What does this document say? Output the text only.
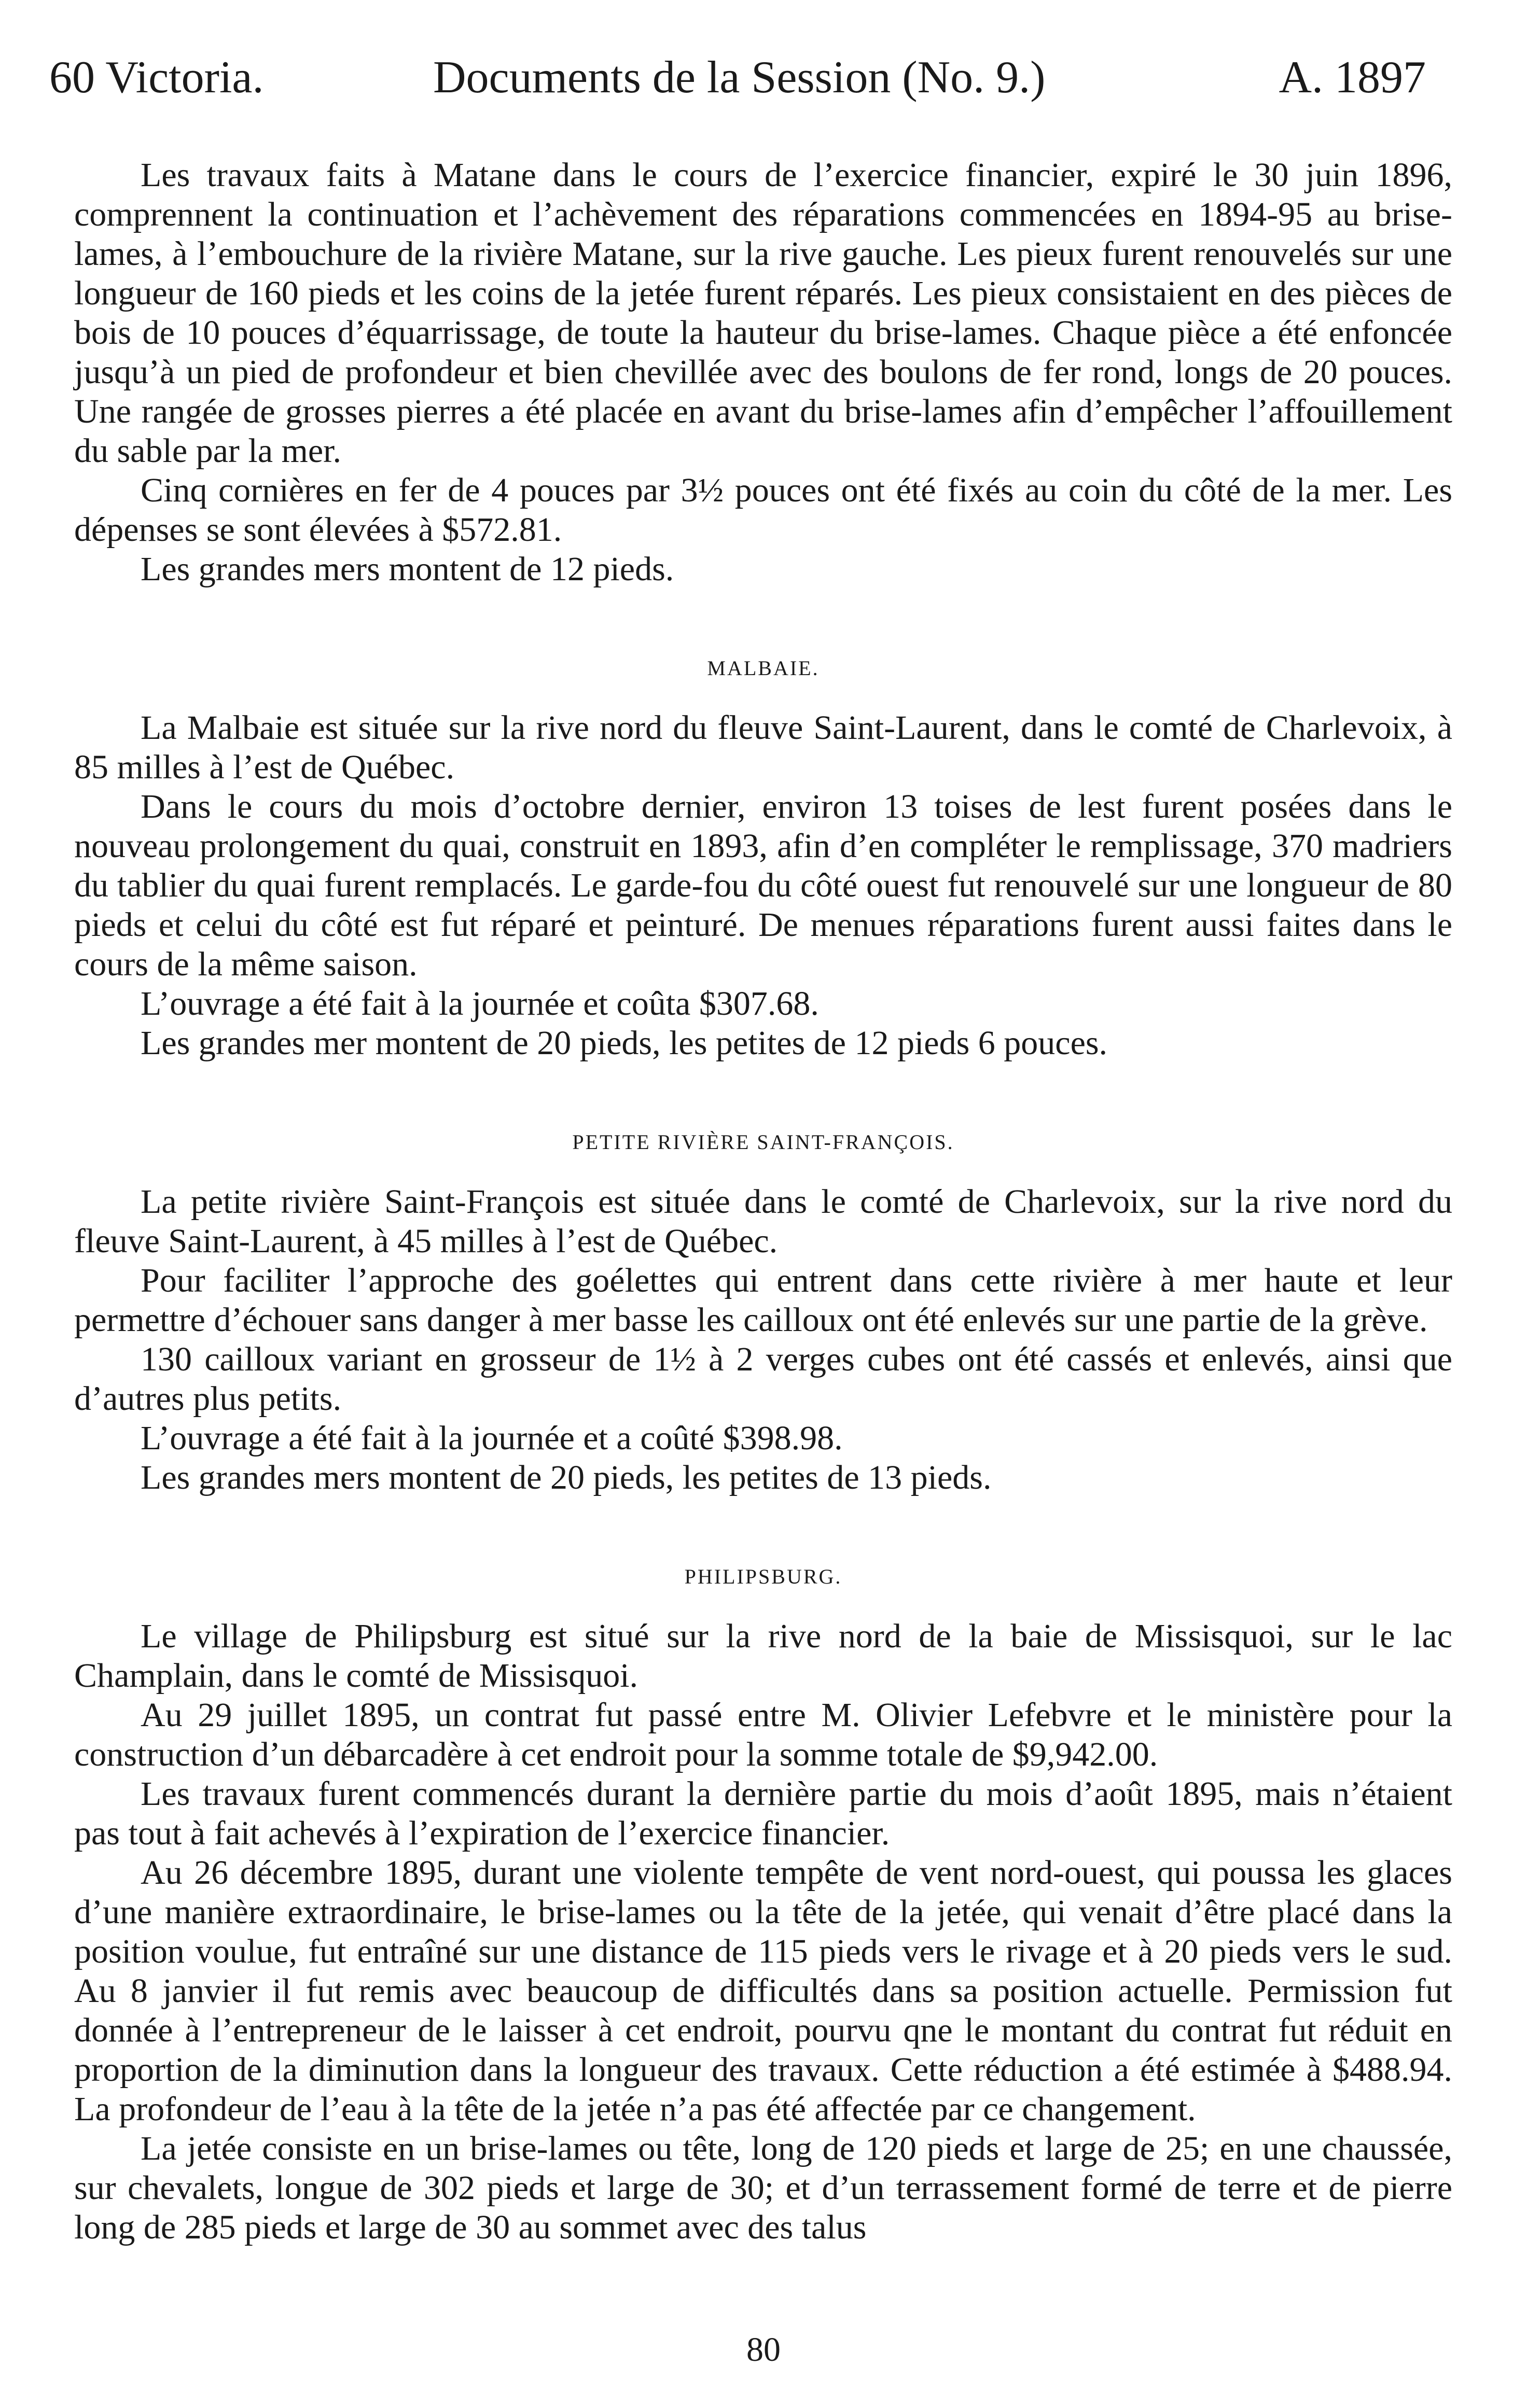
60 Victoria.	Documents de la Session (No. 9.)	A. 1897

Les travaux faits à Matane dans le cours de l’exercice financier, expiré le 30 juin 1896, comprennent la continuation et l’achèvement des réparations commencées en 1894-95 au brise-lames, à l’embouchure de la rivière Matane, sur la rive gauche. Les pieux furent renouvelés sur une longueur de 160 pieds et les coins de la jetée furent réparés. Les pieux consistaient en des pièces de bois de 10 pouces d’équarrissage, de toute la hauteur du brise-lames. Chaque pièce a été enfoncée jusqu’à un pied de profondeur et bien chevillée avec des boulons de fer rond, longs de 20 pouces. Une rangée de grosses pierres a été placée en avant du brise-lames afin d’empêcher l’affouillement du sable par la mer.

Cinq cornières en fer de 4 pouces par 3½ pouces ont été fixés au coin du côté de la mer. Les dépenses se sont élevées à $572.81.

Les grandes mers montent de 12 pieds.

MALBAIE.

La Malbaie est située sur la rive nord du fleuve Saint-Laurent, dans le comté de Charlevoix, à 85 milles à l’est de Québec.

Dans le cours du mois d’octobre dernier, environ 13 toises de lest furent posées dans le nouveau prolongement du quai, construit en 1893, afin d’en compléter le remplissage, 370 madriers du tablier du quai furent remplacés. Le garde-fou du côté ouest fut renouvelé sur une longueur de 80 pieds et celui du côté est fut réparé et peinturé. De menues réparations furent aussi faites dans le cours de la même saison.

L’ouvrage a été fait à la journée et coûta $307.68.

Les grandes mer montent de 20 pieds, les petites de 12 pieds 6 pouces.

PETITE RIVIÈRE SAINT-FRANÇOIS.

La petite rivière Saint-François est située dans le comté de Charlevoix, sur la rive nord du fleuve Saint-Laurent, à 45 milles à l’est de Québec.

Pour faciliter l’approche des goélettes qui entrent dans cette rivière à mer haute et leur permettre d’échouer sans danger à mer basse les cailloux ont été enlevés sur une partie de la grève.

130 cailloux variant en grosseur de 1½ à 2 verges cubes ont été cassés et enlevés, ainsi que d’autres plus petits.

L’ouvrage a été fait à la journée et a coûté $398.98.

Les grandes mers montent de 20 pieds, les petites de 13 pieds.

PHILIPSBURG.

Le village de Philipsburg est situé sur la rive nord de la baie de Missisquoi, sur le lac Champlain, dans le comté de Missisquoi.

Au 29 juillet 1895, un contrat fut passé entre M. Olivier Lefebvre et le ministère pour la construction d’un débarcadère à cet endroit pour la somme totale de $9,942.00.

Les travaux furent commencés durant la dernière partie du mois d’août 1895, mais n’étaient pas tout à fait achevés à l’expiration de l’exercice financier.

Au 26 décembre 1895, durant une violente tempête de vent nord-ouest, qui poussa les glaces d’une manière extraordinaire, le brise-lames ou la tête de la jetée, qui venait d’être placé dans la position voulue, fut entraîné sur une distance de 115 pieds vers le rivage et à 20 pieds vers le sud. Au 8 janvier il fut remis avec beaucoup de difficultés dans sa position actuelle. Permission fut donnée à l’entrepreneur de le laisser à cet endroit, pourvu qne le montant du contrat fut réduit en proportion de la diminution dans la longueur des travaux. Cette réduction a été estimée à $488.94. La profondeur de l’eau à la tête de la jetée n’a pas été affectée par ce changement.

La jetée consiste en un brise-lames ou tête, long de 120 pieds et large de 25; en une chaussée, sur chevalets, longue de 302 pieds et large de 30; et d’un terrassement formé de terre et de pierre long de 285 pieds et large de 30 au sommet avec des talus

80
